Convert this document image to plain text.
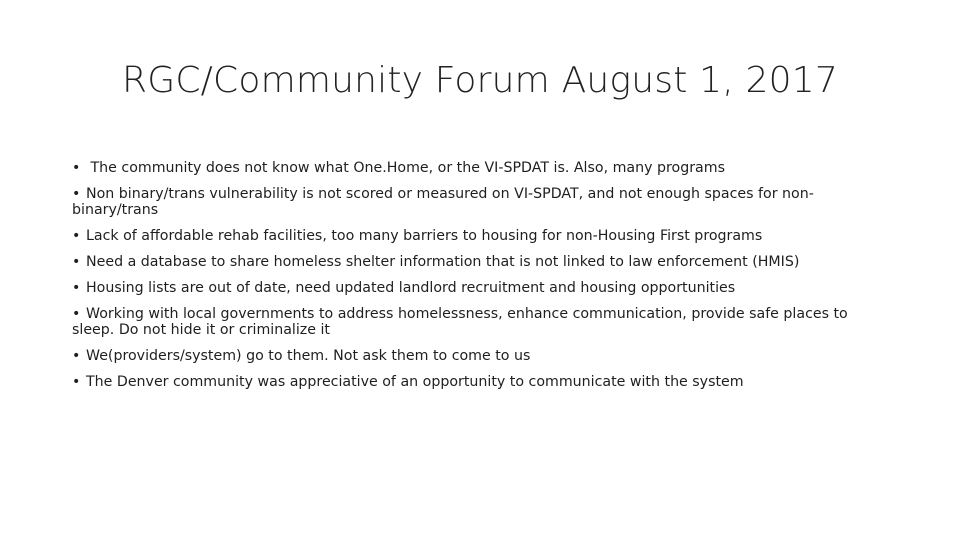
RGC/Community Forum August 1, 2017
• The community does not know what One.Home, or the VI-SPDAT is. Also, many programs
• Non binary/trans vulnerability is not scored or measured on VI-SPDAT, and not enough spaces for non-binary/trans
• Lack of affordable rehab facilities, too many barriers to housing for non-Housing First programs
• Need a database to share homeless shelter information that is not linked to law enforcement (HMIS)
• Housing lists are out of date, need updated landlord recruitment and housing opportunities
• Working with local governments to address homelessness, enhance communication, provide safe places to sleep. Do not hide it or criminalize it
• We(providers/system) go to them. Not ask them to come to us
• The Denver community was appreciative of an opportunity to communicate with the system
